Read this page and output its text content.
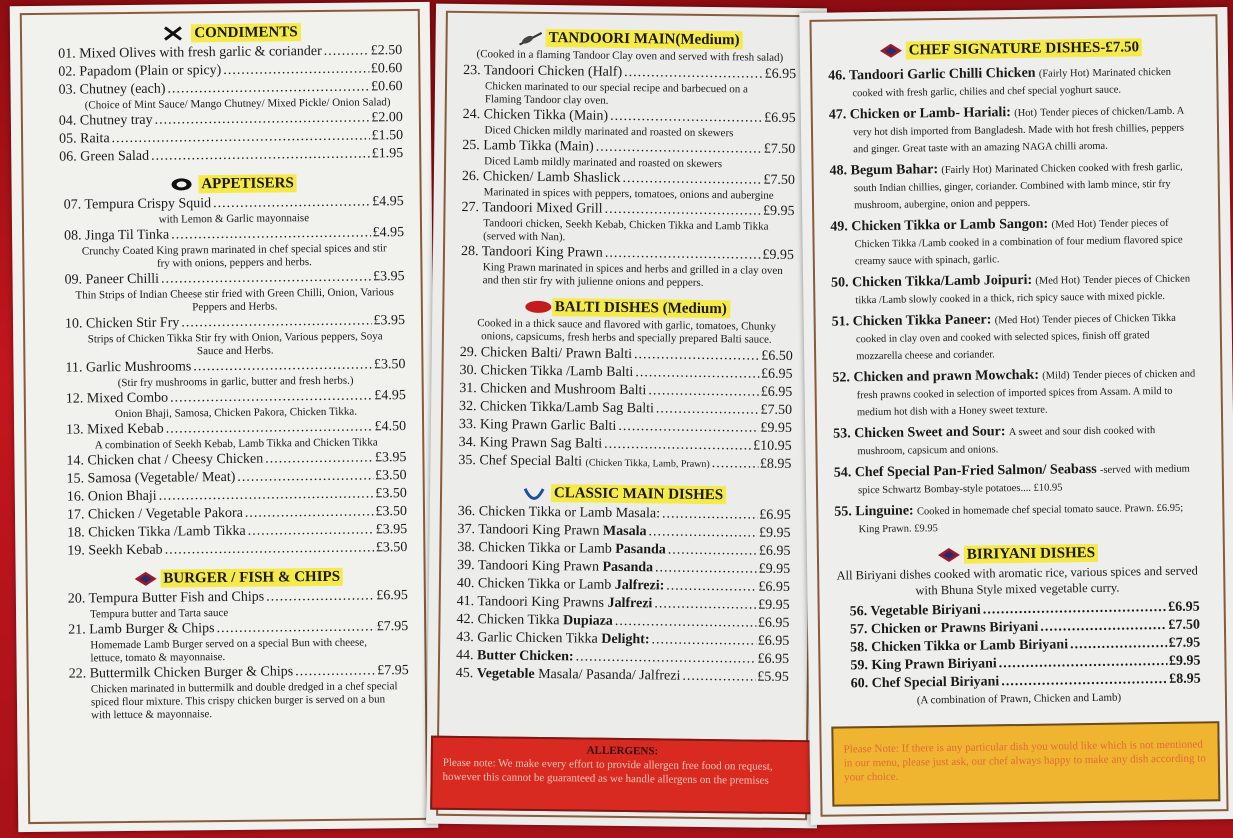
CONDIMENTS
01. Mixed Olives with fresh garlic & coriander .....	£2.50
02. Papadom (Plain or spicy) .....	£0.60
03. Chutney (each) .....	£0.60
(Choice of Mint Sauce/ Mango Chutney/ Mixed Pickle/ Onion Salad)
04. Chutney tray .....	£2.00
05. Raita .....	£1.50
06. Green Salad .....	£1.95
APPETISERS
07. Tempura Crispy Squid .....	£4.95
with Lemon & Garlic mayonnaise
08. Jinga Til Tinka .....	£4.95
Crunchy Coated King prawn marinated in chef special spices and stir fry with onions, peppers and herbs.
09. Paneer Chilli .....	£3.95
Thin Strips of Indian Cheese stir fried with Green Chilli, Onion, Various Peppers and Herbs.
10. Chicken Stir Fry .....	£3.95
Strips of Chicken Tikka Stir fry with Onion, Various peppers, Soya Sauce and Herbs.
11. Garlic Mushrooms .....	£3.50
(Stir fry mushrooms in garlic, butter and fresh herbs.)
12. Mixed Combo .....	£4.95
Onion Bhaji, Samosa, Chicken Pakora, Chicken Tikka.
13. Mixed Kebab .....	£4.50
A combination of Seekh Kebab, Lamb Tikka and Chicken Tikka
14. Chicken chat / Cheesy Chicken .....	£3.95
15. Samosa (Vegetable/ Meat) .....	£3.50
16. Onion Bhaji .....	£3.50
17. Chicken / Vegetable Pakora .....	£3.50
18. Chicken Tikka /Lamb Tikka .....	£3.95
19. Seekh Kebab .....	£3.50
BURGER / FISH & CHIPS
20. Tempura Butter Fish and Chips .....	£6.95
Tempura butter and Tarta sauce
21. Lamb Burger & Chips .....	£7.95
Homemade Lamb Burger served on a special Bun with cheese, lettuce, tomato & mayonnaise.
22. Buttermilk Chicken Burger & Chips .....	£7.95
Chicken marinated in buttermilk and double dredged in a chef special spiced flour mixture. This crispy chicken burger is served on a bun with lettuce & mayonnaise.
TANDOORI MAIN(Medium)
(Cooked in a flaming Tandoor Clay oven and served with fresh salad)
23. Tandoori Chicken (Half) .....	£6.95
Chicken marinated to our special recipe and barbecued on a Flaming Tandoor clay oven.
24. Chicken Tikka (Main) .....	£6.95
Diced Chicken mildly marinated and roasted on skewers
25. Lamb Tikka (Main) .....	£7.50
Diced Lamb mildly marinated and roasted on skewers
26. Chicken/ Lamb Shaslick .....	£7.50
Marinated in spices with peppers, tomatoes, onions and aubergine
27. Tandoori Mixed Grill .....	£9.95
Tandoori chicken, Seekh Kebab, Chicken Tikka and Lamb Tikka (served with Nan).
28. Tandoori King Prawn .....	£9.95
King Prawn marinated in spices and herbs and grilled in a clay oven and then stir fry with julienne onions and peppers.
BALTI DISHES (Medium)
Cooked in a thick sauce and flavored with garlic, tomatoes, Chunky onions, capsicums, fresh herbs and specially prepared Balti sauce.
29. Chicken Balti/ Prawn Balti .....	£6.50
30. Chicken Tikka /Lamb Balti .....	£6.95
31. Chicken and Mushroom Balti .....	£6.95
32. Chicken Tikka/Lamb Sag Balti .....	£7.50
33. King Prawn Garlic Balti .....	£9.95
34. King Prawn Sag Balti .....	£10.95
35. Chef Special Balti (Chicken Tikka, Lamb, Prawn) .....	£8.95
CLASSIC MAIN DISHES
36. Chicken Tikka or Lamb Masala: .....	£6.95
37. Tandoori King Prawn Masala .....	£9.95
38. Chicken Tikka or Lamb Pasanda .....	£6.95
39. Tandoori King Prawn Pasanda .....	£9.95
40. Chicken Tikka or Lamb Jalfrezi: .....	£6.95
41. Tandoori King Prawns Jalfrezi .....	£9.95
42. Chicken Tikka Dupiaza .....	£6.95
43. Garlic Chicken Tikka Delight: .....	£6.95
44. Butter Chicken: .....	£6.95
45. Vegetable Masala/ Pasanda/ Jalfrezi .....	£5.95
ALLERGENS:
Please note: We make every effort to provide allergen free food on request, however this cannot be guaranteed as we handle allergens on the premises
CHEF SIGNATURE DISHES-£7.50
46. Tandoori Garlic Chilli Chicken (Fairly Hot) Marinated chicken cooked with fresh garlic, chilies and chef special yoghurt sauce.
47. Chicken or Lamb- Hariali: (Hot) Tender pieces of chicken/Lamb. A very hot dish imported from Bangladesh. Made with hot fresh chillies, peppers and ginger. Great taste with an amazing NAGA chilli aroma.
48. Begum Bahar: (Fairly Hot) Marinated Chicken cooked with fresh garlic, south Indian chillies, ginger, coriander. Combined with lamb mince, stir fry mushroom, aubergine, onion and peppers.
49. Chicken Tikka or Lamb Sangon: (Med Hot) Tender pieces of Chicken Tikka /Lamb cooked in a combination of four medium flavored spice creamy sauce with spinach, garlic.
50. Chicken Tikka/Lamb Joipuri: (Med Hot) Tender pieces of Chicken tikka /Lamb slowly cooked in a thick, rich spicy sauce with mixed pickle.
51. Chicken Tikka Paneer: (Med Hot) Tender pieces of Chicken Tikka cooked in clay oven and cooked with selected spices, finish off grated mozzarella cheese and coriander.
52. Chicken and prawn Mowchak: (Mild) Tender pieces of chicken and fresh prawns cooked in selection of imported spices from Assam. A mild to medium hot dish with a Honey sweet texture.
53. Chicken Sweet and Sour: A sweet and sour dish cooked with mushroom, capsicum and onions.
54. Chef Special Pan-Fried Salmon/ Seabass -served with medium spice Schwartz Bombay-style potatoes.... £10.95
55. Linguine: Cooked in homemade chef special tomato sauce. Prawn. £6.95; King Prawn. £9.95
BIRIYANI DISHES
All Biriyani dishes cooked with aromatic rice, various spices and served with Bhuna Style mixed vegetable curry.
56. Vegetable Biriyani .....	£6.95
57. Chicken or Prawns Biriyani .....	£7.50
58. Chicken Tikka or Lamb Biriyani .....	£7.95
59. King Prawn Biriyani .....	£9.95
60. Chef Special Biriyani .....	£8.95
(A combination of Prawn, Chicken and Lamb)
Please Note: If there is any particular dish you would like which is not mentioned in our menu, please just ask, our chef always happy to make any dish according to your choice.
